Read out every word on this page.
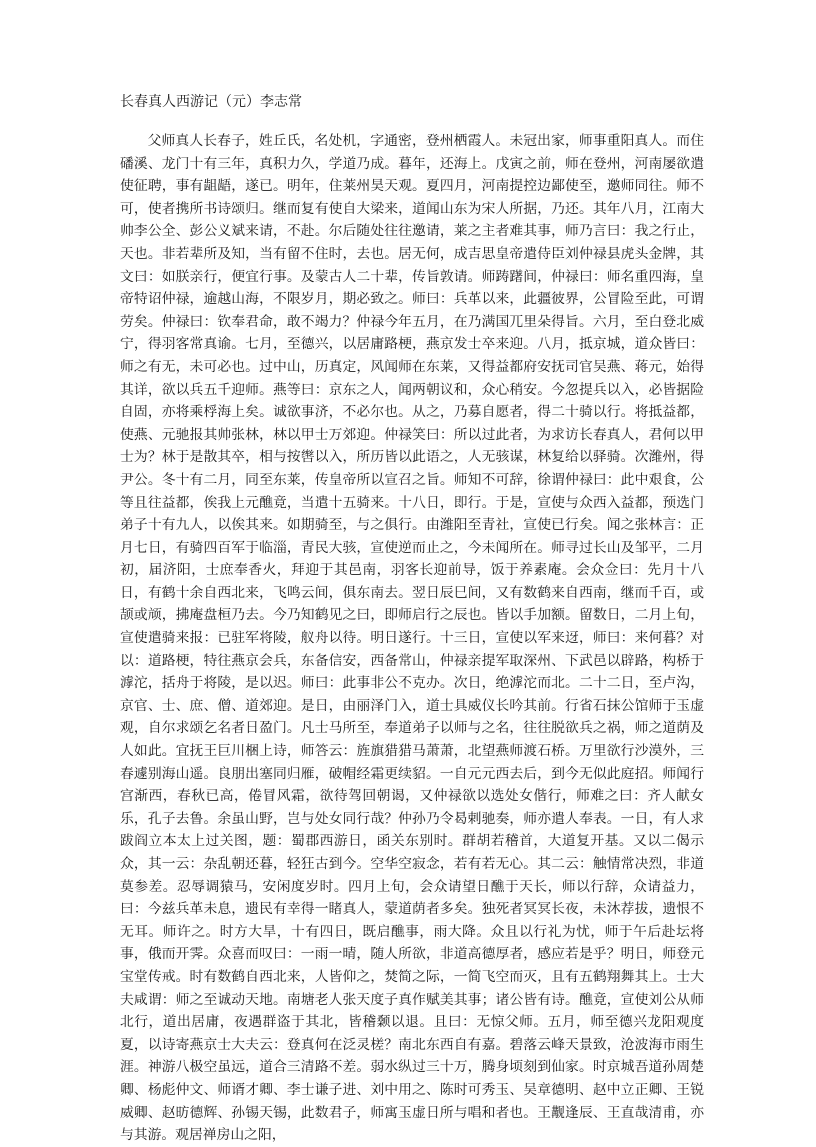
长春真人西游记（元）李志常

父师真人长春子，姓丘氏，名处机，字通密，登州栖霞人。未冠出家，师事重阳真人。而住磻溪、龙门十有三年，真积力久，学道乃成。暮年，还海上。戊寅之前，师在登州，河南屡欲遣使征聘，事有龃龉，遂已。明年，住莱州昊天观。夏四月，河南提控边鄙使至，邀师同往。师不可，使者携所书诗颂归。继而复有使自大梁来，道闻山东为宋人所据，乃还。其年八月，江南大帅李公全、彭公义斌来请，不赴。尔后随处往往邀请，莱之主者难其事，师乃言曰：我之行止，天也。非若辈所及知，当有留不住时，去也。居无何，成吉思皇帝遣侍臣刘仲禄县虎头金牌，其文曰：如朕亲行，便宜行事。及蒙古人二十辈，传旨敦请。师踌躇间，仲禄曰：师名重四海，皇帝特诏仲禄，逾越山海，不限岁月，期必致之。师曰：兵革以来，此疆彼界，公冒险至此，可谓劳矣。仲禄曰：钦奉君命，敢不竭力？仲禄今年五月，在乃满国兀里朵得旨。六月，至白登北威宁，得羽客常真谕。七月，至德兴，以居庸路梗，燕京发士卒来迎。八月，抵京城，道众皆曰：师之有无，未可必也。过中山，历真定，风闻师在东莱，又得益都府安抚司官吴燕、蒋元，始得其详，欲以兵五千迎师。燕等曰：京东之人，闻两朝议和，众心稍安。今忽提兵以入，必皆据险自固，亦将乘桴海上矣。诚欲事济，不必尔也。从之，乃募自愿者，得二十骑以行。将抵益都，使燕、元驰报其帅张林，林以甲士万郊迎。仲禄笑曰：所以过此者，为求访长春真人，君何以甲士为？林于是散其卒，相与按辔以入，所历皆以此语之，人无骇谋，林复给以驿骑。次潍州，得尹公。冬十有二月，同至东莱，传皇帝所以宣召之旨。师知不可辞，徐谓仲禄曰：此中艰食，公等且往益都，俟我上元醮竟，当遣十五骑来。十八日，即行。于是，宣使与众西入益都，预选门弟子十有九人，以俟其来。如期骑至，与之俱行。由潍阳至青社，宣使已行矣。闻之张林言：正月七日，有骑四百军于临淄，青民大骇，宣使逆而止之，今未闻所在。师寻过长山及邹平，二月初，届济阳，士庶奉香火，拜迎于其邑南，羽客长迎前导，饭于养素庵。会众佥曰：先月十八日，有鹤十余自西北来，飞鸣云间，俱东南去。翌日辰巳间，又有数鹤来自西南，继而千百，或颉或颃，拂庵盘桓乃去。今乃知鹤见之曰，即师启行之辰也。皆以手加额。留数日，二月上旬，宣使遣骑来报：已驻军将陵，舣舟以待。明日遂行。十三日，宣使以军来迓，师曰：来何暮？对以：道路梗，特往燕京会兵，东备信安，西备常山，仲禄亲提军取深州、下武邑以辟路，构桥于滹沱，括舟于将陵，是以迟。师曰：此事非公不克办。次日，绝滹沱而北。二十二日，至卢沟，京官、士、庶、僧、道郊迎。是日，由丽泽门入，道士具威仪长吟其前。行省石抹公馆师于玉虚观，自尔求颂乞名者日盈门。凡士马所至，奉道弟子以师与之名，往往脱欲兵之祸，师之道荫及人如此。宜抚王巨川梱上诗，师答云：旌旗猎猎马萧萧，北望燕师渡石桥。万里欲行沙漠外，三春遽别海山遥。良朋出塞同归雁，破帽经霜更续貂。一自元元西去后，到今无似此庭招。师闻行宫渐西，春秋已高，倦冒风霜，欲待驾回朝谒，又仲禄欲以选处女偕行，师难之曰：齐人献女乐，孔子去鲁。余虽山野，岂与处女同行哉？仲孙乃令曷剌驰奏，师亦遣人奉表。一日，有人求跋阎立本太上过关图，题：蜀郡西游日，函关东别时。群胡若稽首，大道复开基。又以二偈示众，其一云：杂乱朝还暮，轻狂古到今。空华空寂念，若有若无心。其二云：触情常决烈，非道莫参差。忍辱调猿马，安闲度岁时。四月上旬，会众请望日醮于天长，师以行辞，众请益力，曰：今兹兵革未息，遗民有幸得一睹真人，蒙道荫者多矣。独死者冥冥长夜，未沐荐拔，遗恨不无耳。师许之。时方大旱，十有四日，既启醮事，雨大降。众且以行礼为忧，师于午后赴坛将事，俄而开霁。众喜而叹曰：一雨一晴，随人所欲，非道高德厚者，感应若是乎？明日，师登元宝堂传戒。时有数鹤自西北来，人皆仰之，焚简之际，一简飞空而灭，且有五鹤翔舞其上。士大夫咸谓：师之至诚动天地。南塘老人张天度子真作赋美其事；诸公皆有诗。醮竟，宣使刘公从师北行，道出居庸，夜遇群盗于其北，皆稽颡以退。且曰：无惊父师。五月，师至德兴龙阳观度夏，以诗寄燕京士大夫云：登真何在泛灵槎？南北东西自有嘉。碧落云峰天景致，沧波海市雨生涯。神游八极空虽远，道合三清路不差。弱水纵过三十万，腾身顷刻到仙家。时京城吾道孙周楚卿、杨彪仲文、师谞才卿、李士谦子进、刘中用之、陈时可秀玉、吴章德明、赵中立正卿、王锐威卿、赵昉德辉、孙锡天锡，此数君子，师寓玉虚日所与唱和者也。王觏逢辰、王直哉清甫，亦与其游。观居禅房山之阳，
